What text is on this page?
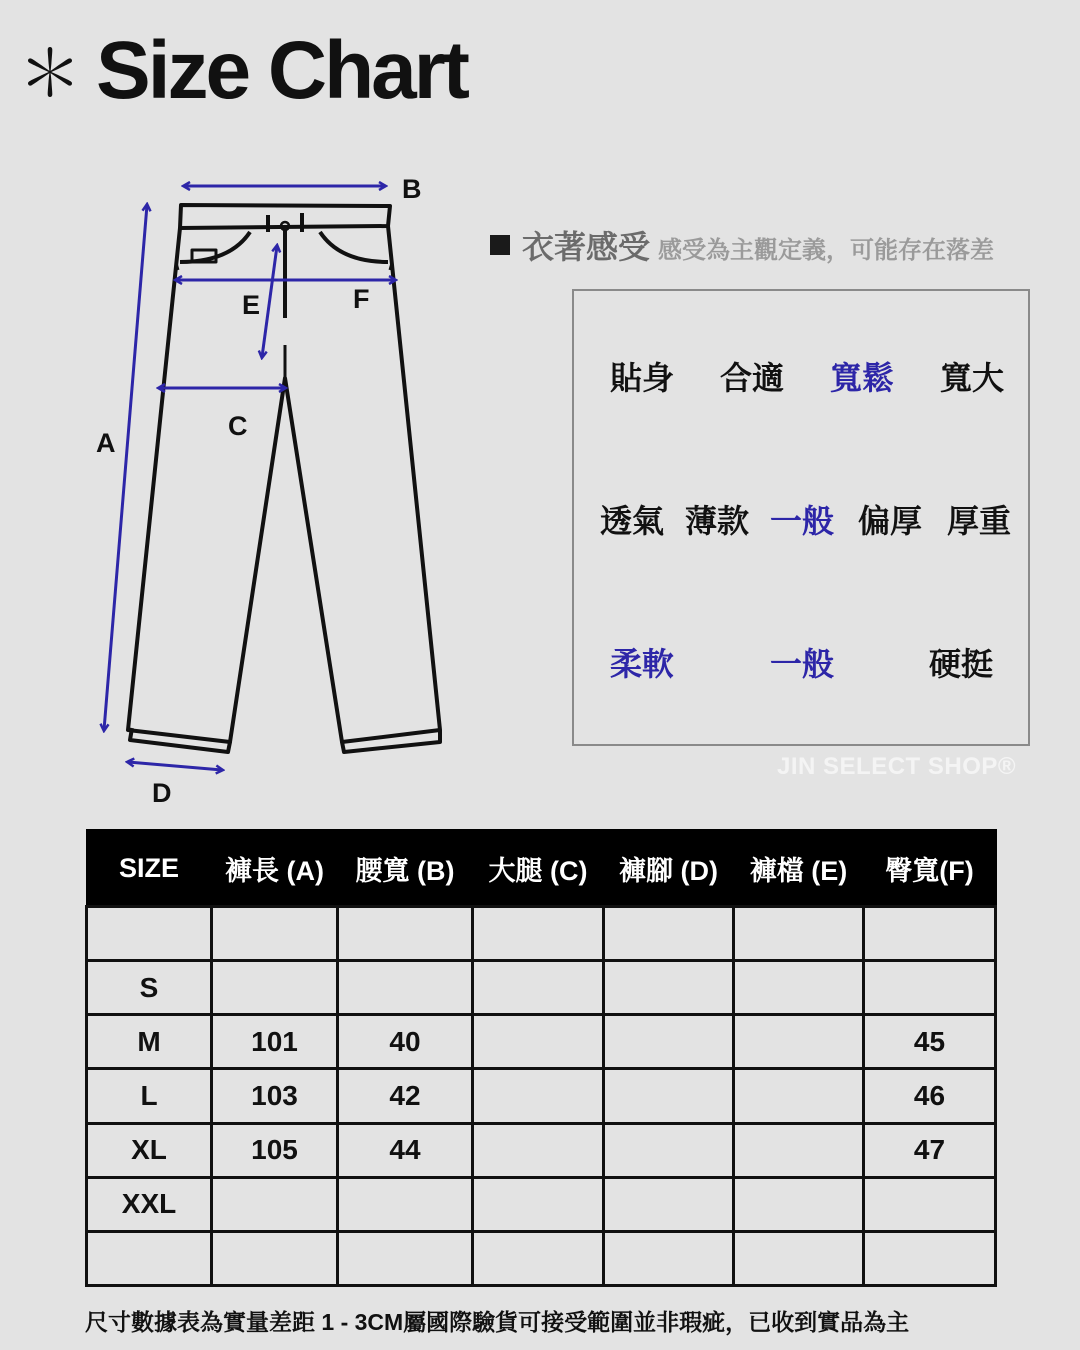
＊ Size Chart
A
B
C
D
E	F
衣著感受 感受為主觀定義，可能存在落差
貼身 合適 寬鬆 寬大
透氣 薄款 一般 偏厚 厚重
柔軟	一般	硬挺
JIN SELECT SHOP®
SIZE	褲長 (A)	腰寬 (B)	大腿 (C)	褲腳 (D)	褲檔 (E)	臀寬(F)

S						
M	101	40				45
L	103	42				46
XL	105	44				47
XXL						

尺寸數據表為實量差距 1 - 3CM屬國際驗貨可接受範圍並非瑕疵，已收到實品為主
